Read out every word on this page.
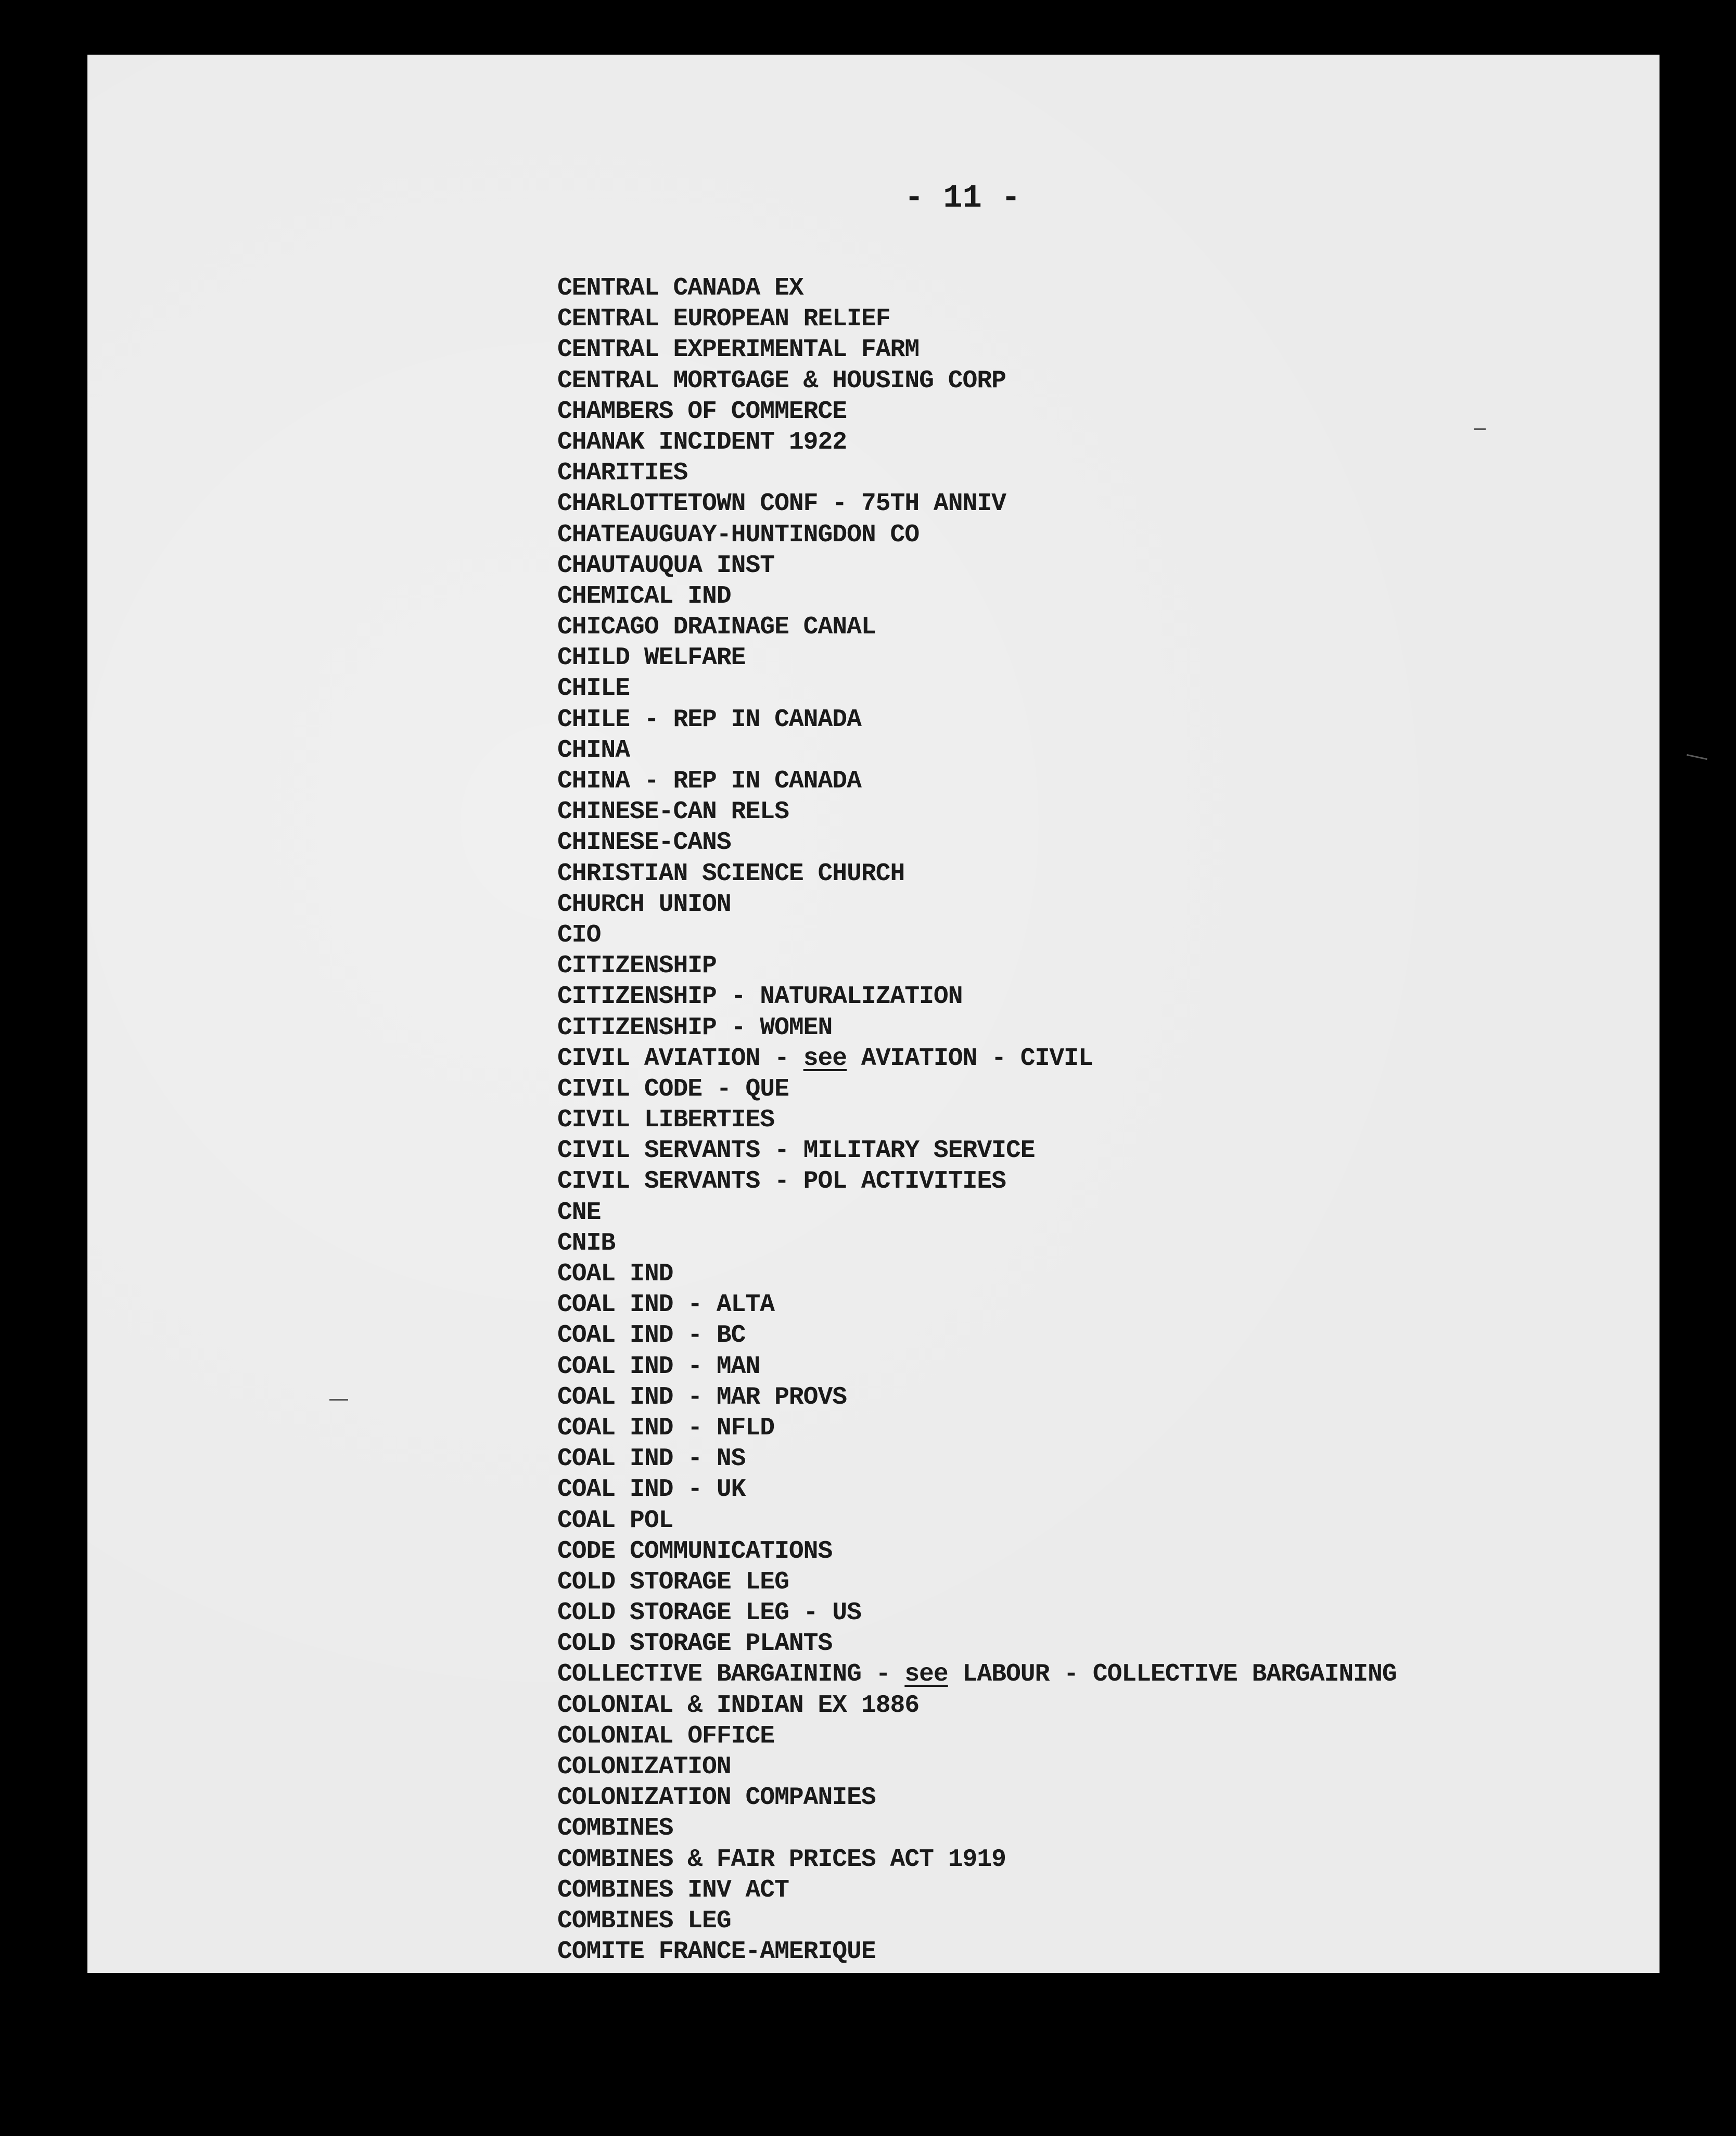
- 11 -
CENTRAL CANADA EX
CENTRAL EUROPEAN RELIEF
CENTRAL EXPERIMENTAL FARM
CENTRAL MORTGAGE & HOUSING CORP
CHAMBERS OF COMMERCE
CHANAK INCIDENT 1922
CHARITIES
CHARLOTTETOWN CONF - 75TH ANNIV
CHATEAUGUAY-HUNTINGDON CO
CHAUTAUQUA INST
CHEMICAL IND
CHICAGO DRAINAGE CANAL
CHILD WELFARE
CHILE
CHILE - REP IN CANADA
CHINA
CHINA - REP IN CANADA
CHINESE-CAN RELS
CHINESE-CANS
CHRISTIAN SCIENCE CHURCH
CHURCH UNION
CIO
CITIZENSHIP
CITIZENSHIP - NATURALIZATION
CITIZENSHIP - WOMEN
CIVIL AVIATION - see AVIATION - CIVIL
CIVIL CODE - QUE
CIVIL LIBERTIES
CIVIL SERVANTS - MILITARY SERVICE
CIVIL SERVANTS - POL ACTIVITIES
CNE
CNIB
COAL IND
COAL IND - ALTA
COAL IND - BC
COAL IND - MAN
COAL IND - MAR PROVS
COAL IND - NFLD
COAL IND - NS
COAL IND - UK
COAL POL
CODE COMMUNICATIONS
COLD STORAGE LEG
COLD STORAGE LEG - US
COLD STORAGE PLANTS
COLLECTIVE BARGAINING - see LABOUR - COLLECTIVE BARGAINING
COLONIAL & INDIAN EX 1886
COLONIAL OFFICE
COLONIZATION
COLONIZATION COMPANIES
COMBINES
COMBINES & FAIR PRICES ACT 1919
COMBINES INV ACT
COMBINES LEG
COMITE FRANCE-AMERIQUE
